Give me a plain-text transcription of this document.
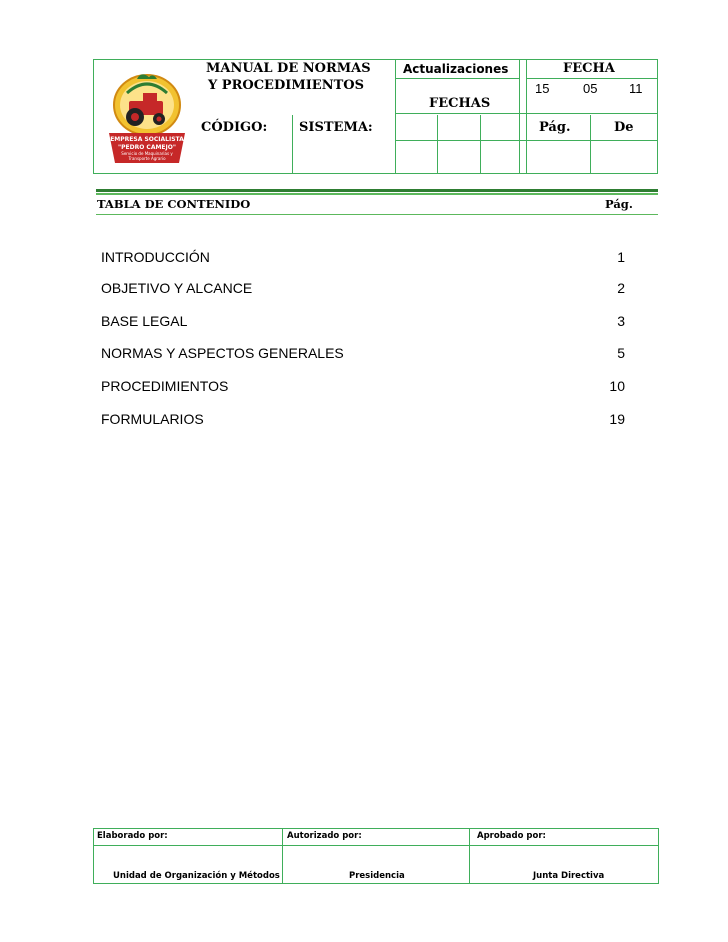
EMPRESA SOCIALISTA
"PEDRO CAMEJO"
Servicio de Maquinarias y
Transporte Agrario
MANUAL DE NORMAS
Y PROCEDIMIENTOS
Actualizaciones	FECHA
FECHAS
15	05 11
CÓDIGO: SISTEMA:	Pág.	De
TABLA DE CONTENIDO	Pág.
INTRODUCCIÓN	1
OBJETIVO Y ALCANCE	2
BASE LEGAL	3
NORMAS Y ASPECTOS GENERALES	5
PROCEDIMIENTOS	10
FORMULARIOS	19
Elaborado por:	Autorizado por:	Aprobado por:
Unidad de Organización y Métodos	Presidencia	Junta Directiva
